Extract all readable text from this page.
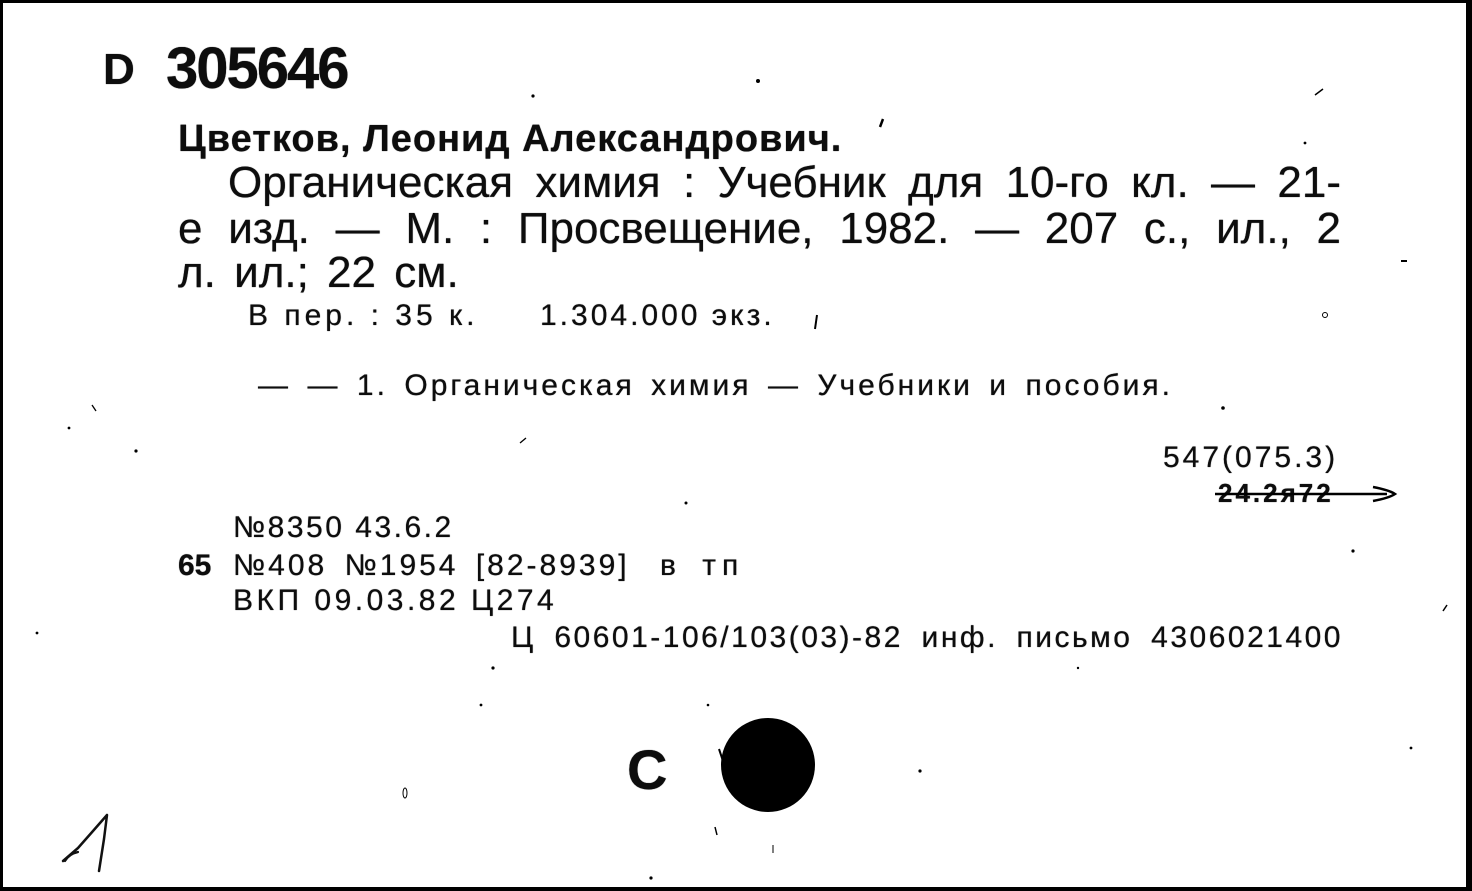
D 305646
Цветков, Леонид Александрович.
Органическая химия : Учебник для 10-го кл. — 21-
е изд. — М. : Просвещение, 1982. — 207 с., ил., 2
л. ил.; 22 см.
В пер. : 35 к. 1.304.000 экз.
— — 1. Органическая химия — Учебники и пособия.
547(075.3)
24.2я72
№8350 43.6.2
65 №408 №1954 [82-8939] в тп
ВКП 09.03.82 Ц274
Ц 60601-106/103(03)-82 инф. письмо 4306021400
C
